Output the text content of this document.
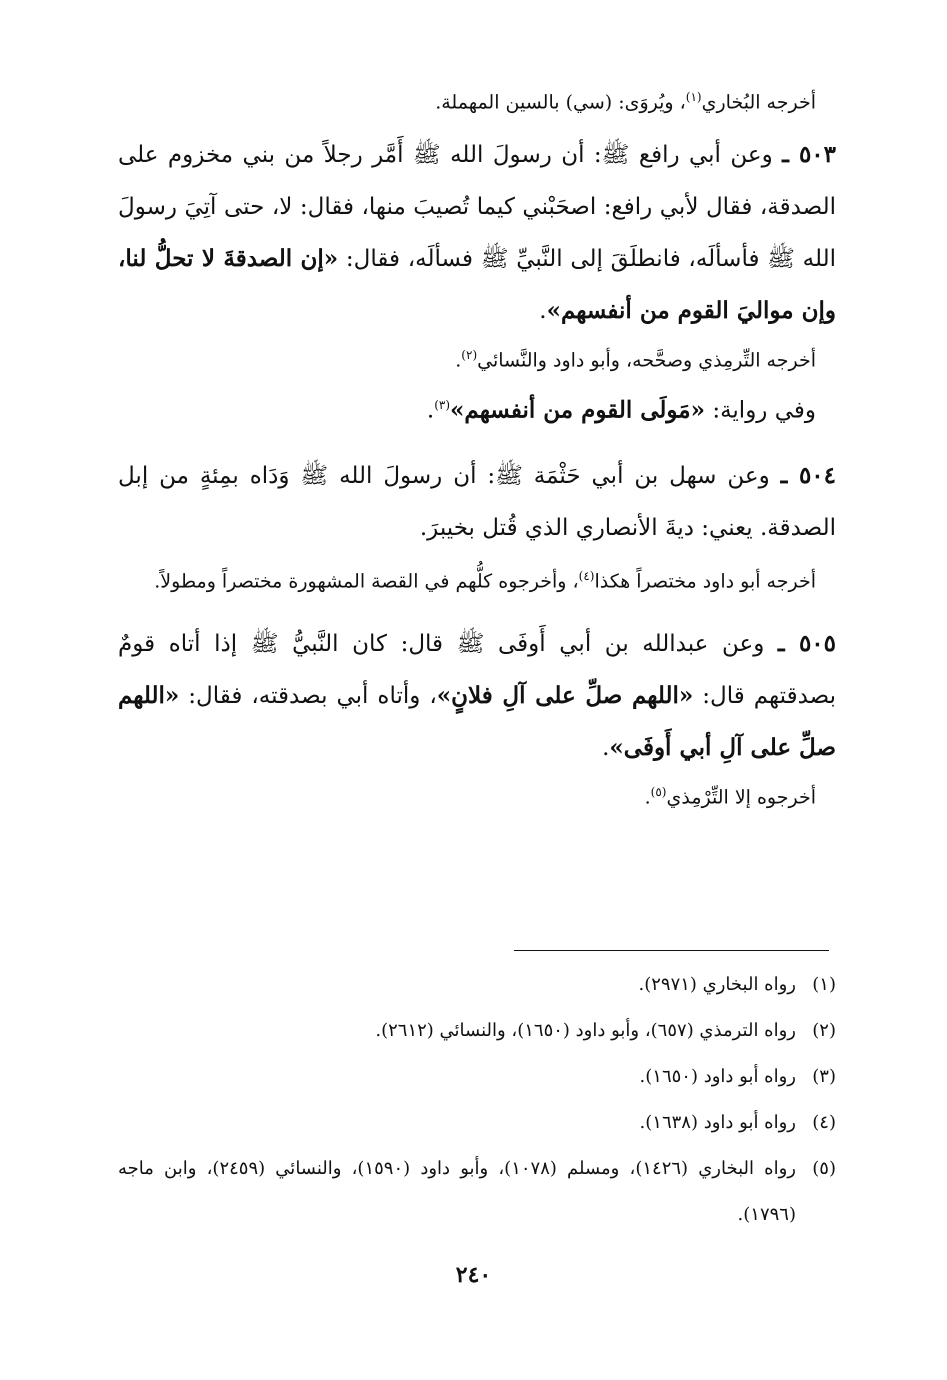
أخرجه البُخاري$^{(١)}$، ويُروَى: (سي) بالسين المهملة.

٥٠٣ ـ وعن أبي رافع ﷺ: أن رسولَ الله ﷺ أَمَّر رجلاً من بني مخزوم على الصدقة، فقال لأبي رافع: اصحَبْني كيما تُصيبَ منها، فقال: لا، حتى آتِيَ رسولَ الله ﷺ فأسألَه، فانطلَقَ إلى النَّبيِّ ﷺ فسألَه، فقال: «إن الصدقةَ لا تحلُّ لنا، وإن مواليَ القوم من أنفسهم».

أخرجه التِّرمِذي وصحَّحه، وأبو داود والنَّسائي$^{(٢)}$.

وفي رواية: «مَولَى القوم من أنفسهم»$^{(٣)}$.

٥٠٤ ـ وعن سهل بن أبي حَثْمَة ﷺ: أن رسولَ الله ﷺ وَدَاه بمِئةٍ من إبل الصدقة. يعني: ديةَ الأنصاري الذي قُتل بخيبرَ.

أخرجه أبو داود مختصراً هكذا$^{(٤)}$، وأخرجوه كلُّهم في القصة المشهورة مختصراً ومطولاً.

٥٠٥ ـ وعن عبدالله بن أبي أَوفَى ﷺ قال: كان النَّبيُّ ﷺ إذا أتاه قومٌ بصدقتهم قال: «اللهم صلِّ على آلِ فلانٍ»، وأتاه أبي بصدقته، فقال: «اللهم صلِّ على آلِ أبي أَوفَى».

أخرجوه إلا التِّرْمِذي$^{(٥)}$.

(١)
رواه البخاري (٢٩٧١).
(٢)
رواه الترمذي (٦٥٧)، وأبو داود (١٦٥٠)، والنسائي (٢٦١٢).
(٣)
رواه أبو داود (١٦٥٠).
(٤)
رواه أبو داود (١٦٣٨).
(٥)
رواه البخاري (١٤٢٦)، ومسلم (١٠٧٨)، وأبو داود (١٥٩٠)، والنسائي (٢٤٥٩)، وابن ماجه (١٧٩٦).
٢٤٠
